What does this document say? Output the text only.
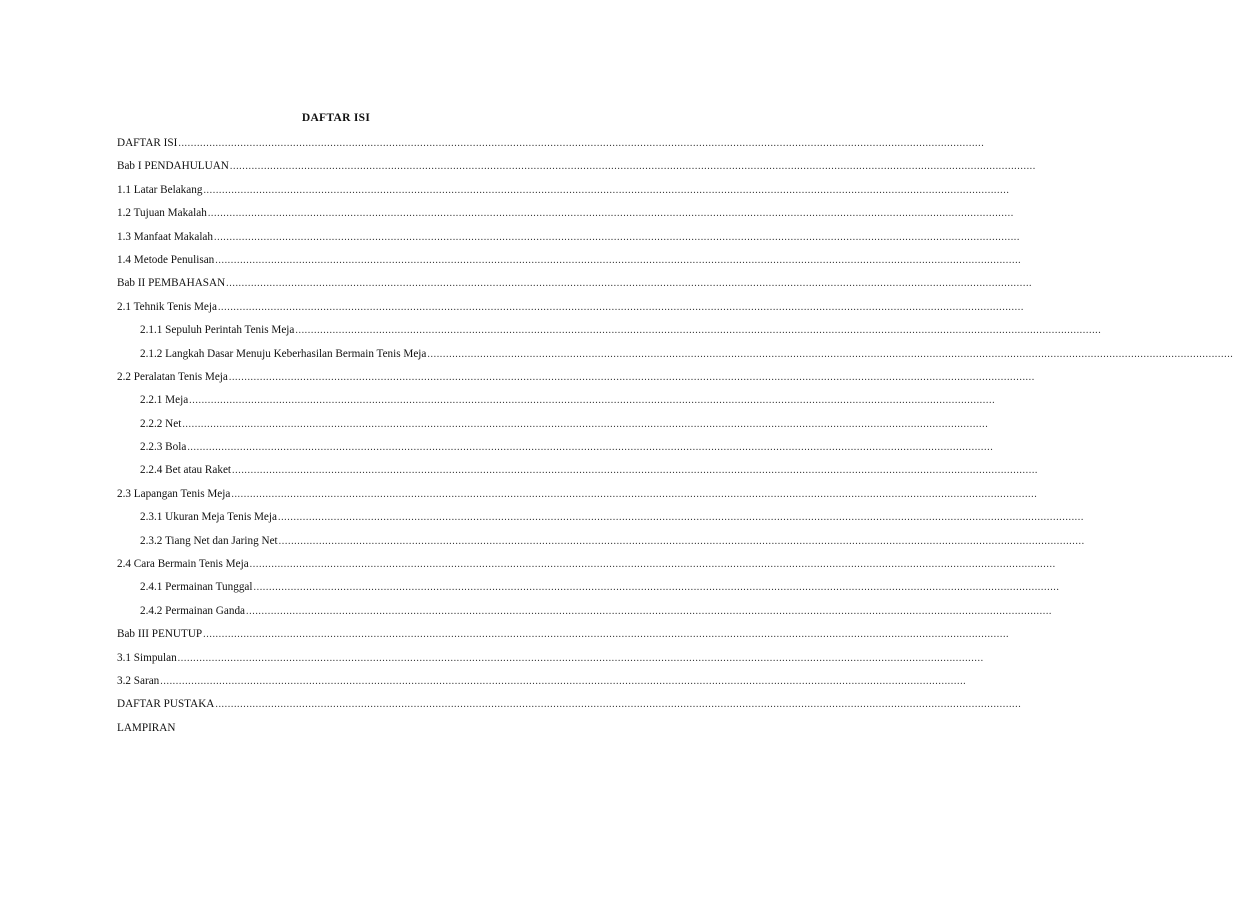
DAFTAR ISI
DAFTAR ISI ....................................................................................................................................................................................................................................................................
Bab I PENDAHULUAN ....................................................................................................................................................................................................................................................................
1.1 Latar Belakang ....................................................................................................................................................................................................................................................................
1.2 Tujuan Makalah ....................................................................................................................................................................................................................................................................
1.3 Manfaat Makalah ....................................................................................................................................................................................................................................................................
1.4 Metode Penulisan ....................................................................................................................................................................................................................................................................
Bab II PEMBAHASAN ....................................................................................................................................................................................................................................................................
2.1 Tehnik Tenis Meja ....................................................................................................................................................................................................................................................................
2.1.1 Sepuluh Perintah Tenis Meja ....................................................................................................................................................................................................................................................................
2.1.2 Langkah Dasar Menuju Keberhasilan Bermain Tenis Meja ....................................................................................................................................................................................................................................................................
2.2 Peralatan Tenis Meja ....................................................................................................................................................................................................................................................................
2.2.1 Meja ....................................................................................................................................................................................................................................................................
2.2.2 Net ....................................................................................................................................................................................................................................................................
2.2.3 Bola ....................................................................................................................................................................................................................................................................
2.2.4 Bet atau Raket ....................................................................................................................................................................................................................................................................
2.3 Lapangan Tenis Meja ....................................................................................................................................................................................................................................................................
2.3.1 Ukuran Meja Tenis Meja ....................................................................................................................................................................................................................................................................
2.3.2 Tiang Net dan Jaring Net ....................................................................................................................................................................................................................................................................
2.4 Cara Bermain Tenis Meja ....................................................................................................................................................................................................................................................................
2.4.1 Permainan Tunggal ....................................................................................................................................................................................................................................................................
2.4.2 Permainan Ganda ....................................................................................................................................................................................................................................................................
Bab III PENUTUP ....................................................................................................................................................................................................................................................................
3.1 Simpulan ....................................................................................................................................................................................................................................................................
3.2 Saran ....................................................................................................................................................................................................................................................................
DAFTAR PUSTAKA ....................................................................................................................................................................................................................................................................
LAMPIRAN
